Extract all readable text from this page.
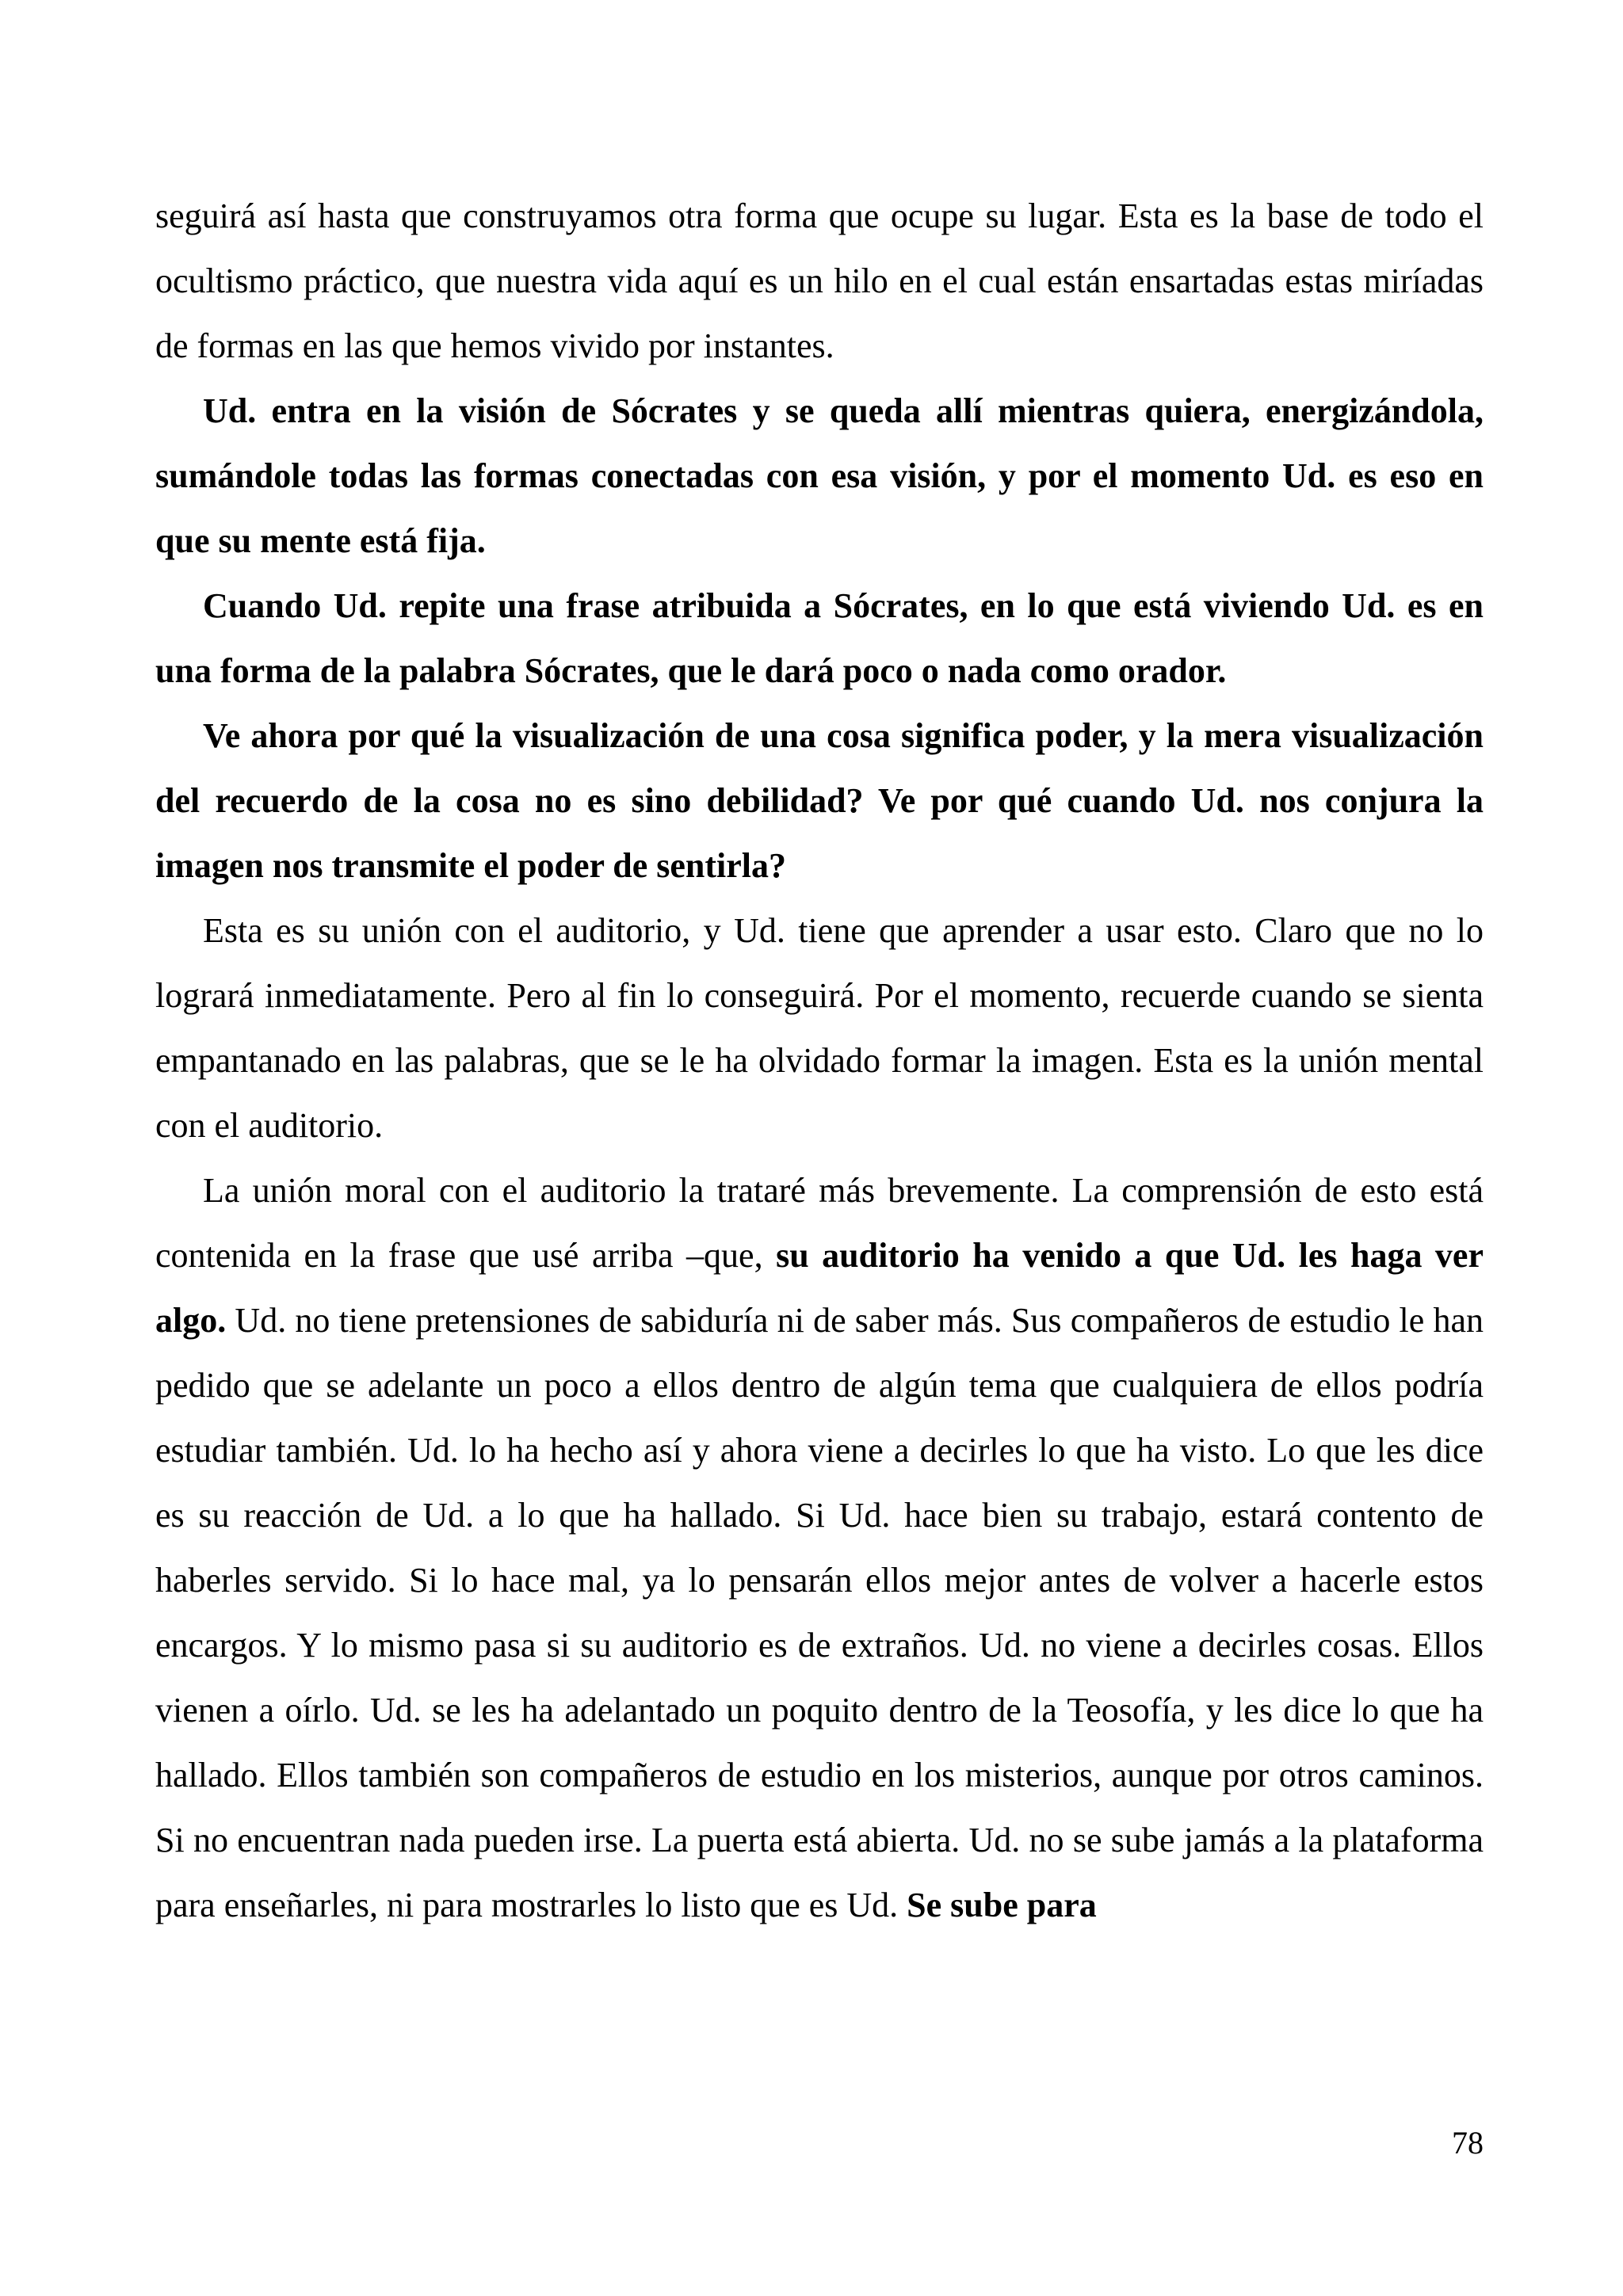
seguirá así hasta que construyamos otra forma que ocupe su lugar. Esta es la base de todo el ocultismo práctico, que nuestra vida aquí es un hilo en el cual están ensartadas estas miríadas de formas en las que hemos vivido por instantes.

Ud. entra en la visión de Sócrates y se queda allí mientras quiera, energizándola, sumándole todas las formas conectadas con esa visión, y por el momento Ud. es eso en que su mente está fija.

Cuando Ud. repite una frase atribuida a Sócrates, en lo que está viviendo Ud. es en una forma de la palabra Sócrates, que le dará poco o nada como orador.

Ve ahora por qué la visualización de una cosa significa poder, y la mera visualización del recuerdo de la cosa no es sino debilidad? Ve por qué cuando Ud. nos conjura la imagen nos transmite el poder de sentirla?

Esta es su unión con el auditorio, y Ud. tiene que aprender a usar esto. Claro que no lo logrará inmediatamente. Pero al fin lo conseguirá. Por el momento, recuerde cuando se sienta empantanado en las palabras, que se le ha olvidado formar la imagen. Esta es la unión mental con el auditorio.

La unión moral con el auditorio la trataré más brevemente. La comprensión de esto está contenida en la frase que usé arriba –que, su auditorio ha venido a que Ud. les haga ver algo. Ud. no tiene pretensiones de sabiduría ni de saber más. Sus compañeros de estudio le han pedido que se adelante un poco a ellos dentro de algún tema que cualquiera de ellos podría estudiar también. Ud. lo ha hecho así y ahora viene a decirles lo que ha visto. Lo que les dice es su reacción de Ud. a lo que ha hallado. Si Ud. hace bien su trabajo, estará contento de haberles servido. Si lo hace mal, ya lo pensarán ellos mejor antes de volver a hacerle estos encargos. Y lo mismo pasa si su auditorio es de extraños. Ud. no viene a decirles cosas. Ellos vienen a oírlo. Ud. se les ha adelantado un poquito dentro de la Teosofía, y les dice lo que ha hallado. Ellos también son compañeros de estudio en los misterios, aunque por otros caminos. Si no encuentran nada pueden irse. La puerta está abierta. Ud. no se sube jamás a la plataforma para enseñarles, ni para mostrarles lo listo que es Ud. Se sube para

78
